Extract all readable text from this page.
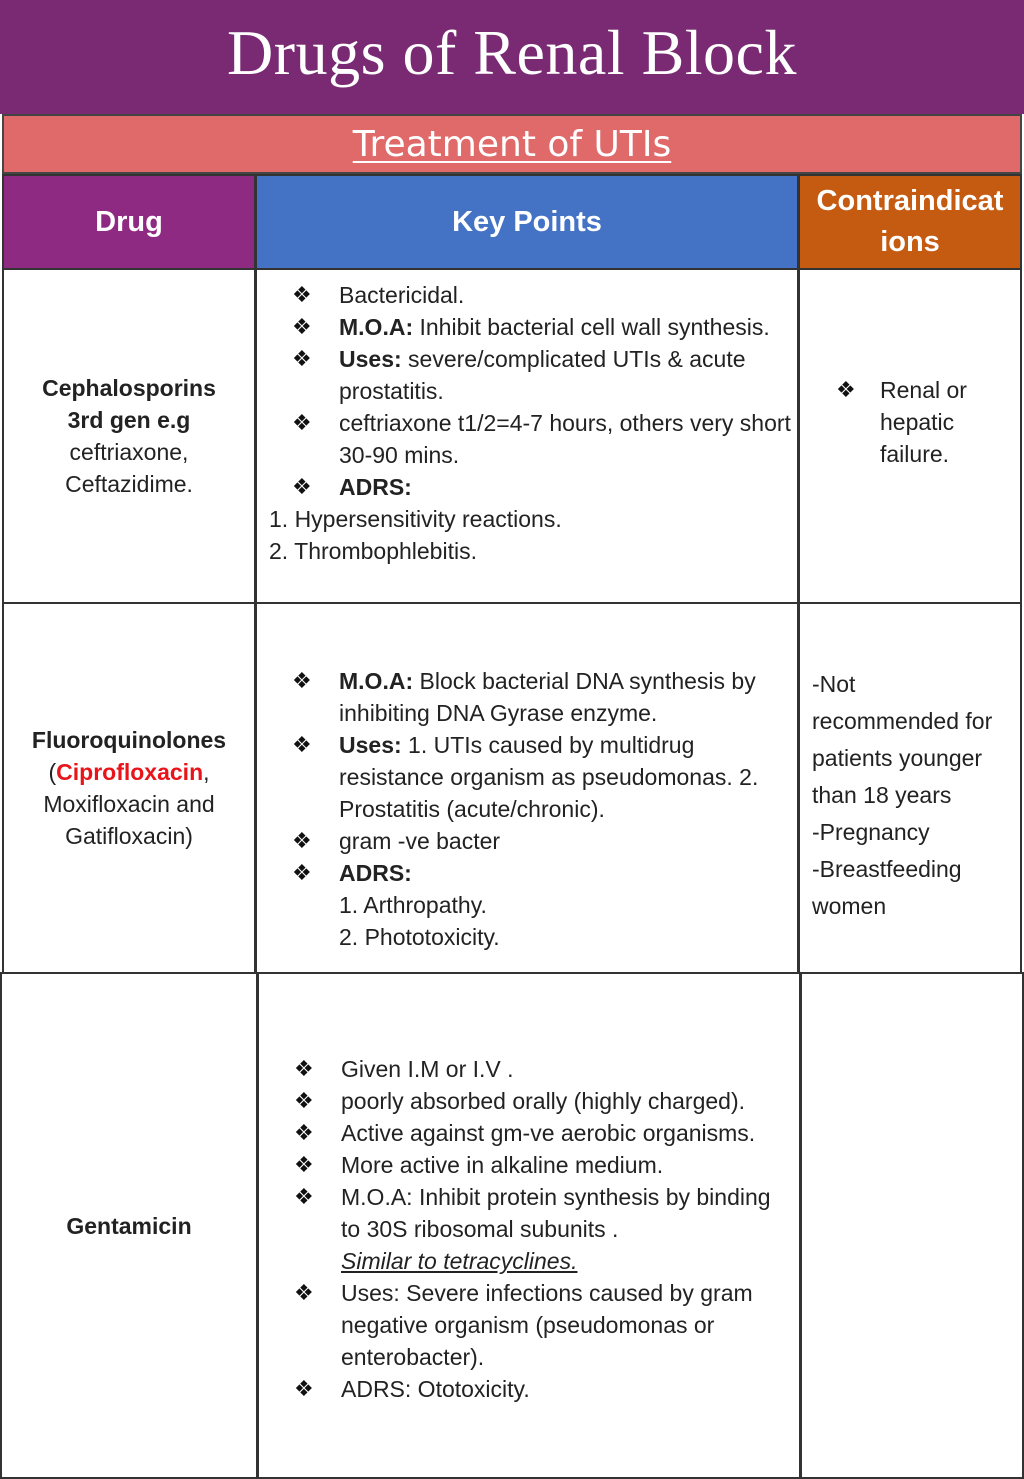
Drugs of Renal Block
Treatment of UTIs
Drug	Key Points
Contraindicat
ions
Cephalosporins
3rd gen e.g
ceftriaxone,
Ceftazidime.
❖ Bactericidal.
❖ M.O.A: Inhibit bacterial cell wall synthesis.
❖ Uses: severe/complicated UTIs & acute prostatitis.
❖ ceftriaxone t1/2=4-7 hours, others very short 30-90 mins.
❖ ADRS:
1. Hypersensitivity reactions.
2. Thrombophlebitis.
❖ Renal or hepatic failure.
Fluoroquinolones
(Ciprofloxacin,
Moxifloxacin and
Gatifloxacin)
❖ M.O.A: Block bacterial DNA synthesis by inhibiting DNA Gyrase enzyme.
❖ Uses: 1. UTIs caused by multidrug resistance organism as pseudomonas. 2. Prostatitis (acute/chronic).
❖ gram -ve bacter
❖ ADRS:
1. Arthropathy.
2. Phototoxicity.
-Not
recommended for
patients younger
than 18 years
-Pregnancy
-Breastfeeding
women
Gentamicin
❖ Given I.M or I.V .
❖ poorly absorbed orally (highly charged).
❖ Active against gm-ve aerobic organisms.
❖ More active in alkaline medium.
❖ M.O.A: Inhibit protein synthesis by binding to 30S ribosomal subunits .
Similar to tetracyclines.
❖ Uses: Severe infections caused by gram negative organism (pseudomonas or enterobacter).
❖ ADRS: Ototoxicity.
